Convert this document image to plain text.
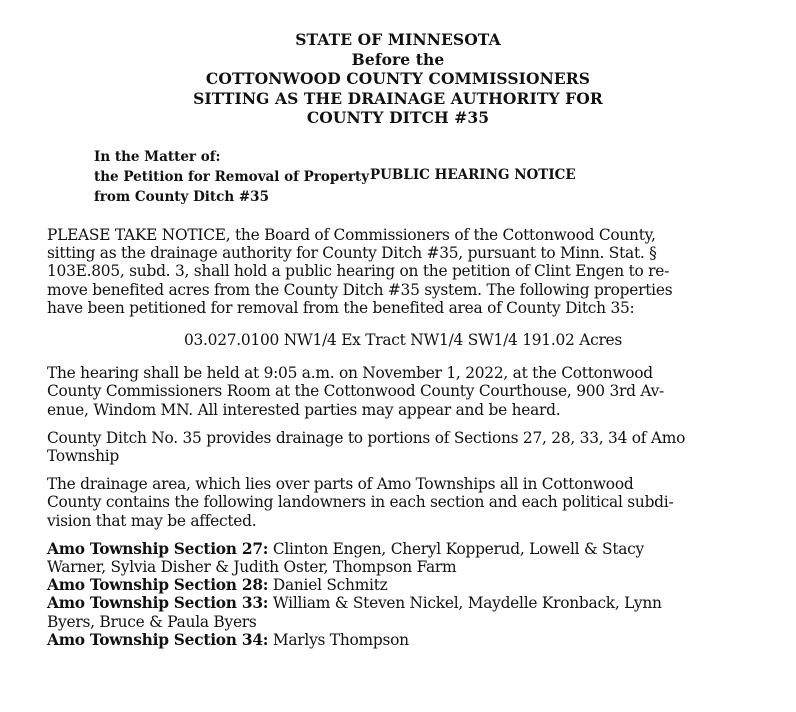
STATE OF MINNESOTA
Before the
COTTONWOOD COUNTY COMMISSIONERS
SITTING AS THE DRAINAGE AUTHORITY FOR
COUNTY DITCH #35
In the Matter of:
the Petition for Removal of Property
from County Ditch #35
PUBLIC HEARING NOTICE

PLEASE TAKE NOTICE, the Board of Commissioners of the Cottonwood County,

sitting as the drainage authority for County Ditch #35, pursuant to Minn. Stat. §

103E.805, subd. 3, shall hold a public hearing on the petition of Clint Engen to re-

move benefited acres from the County Ditch #35 system. The following properties

have been petitioned for removal from the benefited area of County Ditch 35:

03.027.0100 NW1/4 Ex Tract NW1/4 SW1/4 191.02 Acres

The hearing shall be held at 9:05 a.m. on November 1, 2022, at the Cottonwood

County Commissioners Room at the Cottonwood County Courthouse, 900 3rd Av-

enue, Windom MN. All interested parties may appear and be heard.

County Ditch No. 35 provides drainage to portions of Sections 27, 28, 33, 34 of Amo

Township

The drainage area, which lies over parts of Amo Townships all in Cottonwood

County contains the following landowners in each section and each political subdi-

vision that may be affected.

Amo Township Section 27: Clinton Engen, Cheryl Kopperud, Lowell & Stacy

Warner, Sylvia Disher & Judith Oster, Thompson Farm

Amo Township Section 28: Daniel Schmitz

Amo Township Section 33: William & Steven Nickel, Maydelle Kronback, Lynn

Byers, Bruce & Paula Byers

Amo Township Section 34: Marlys Thompson
